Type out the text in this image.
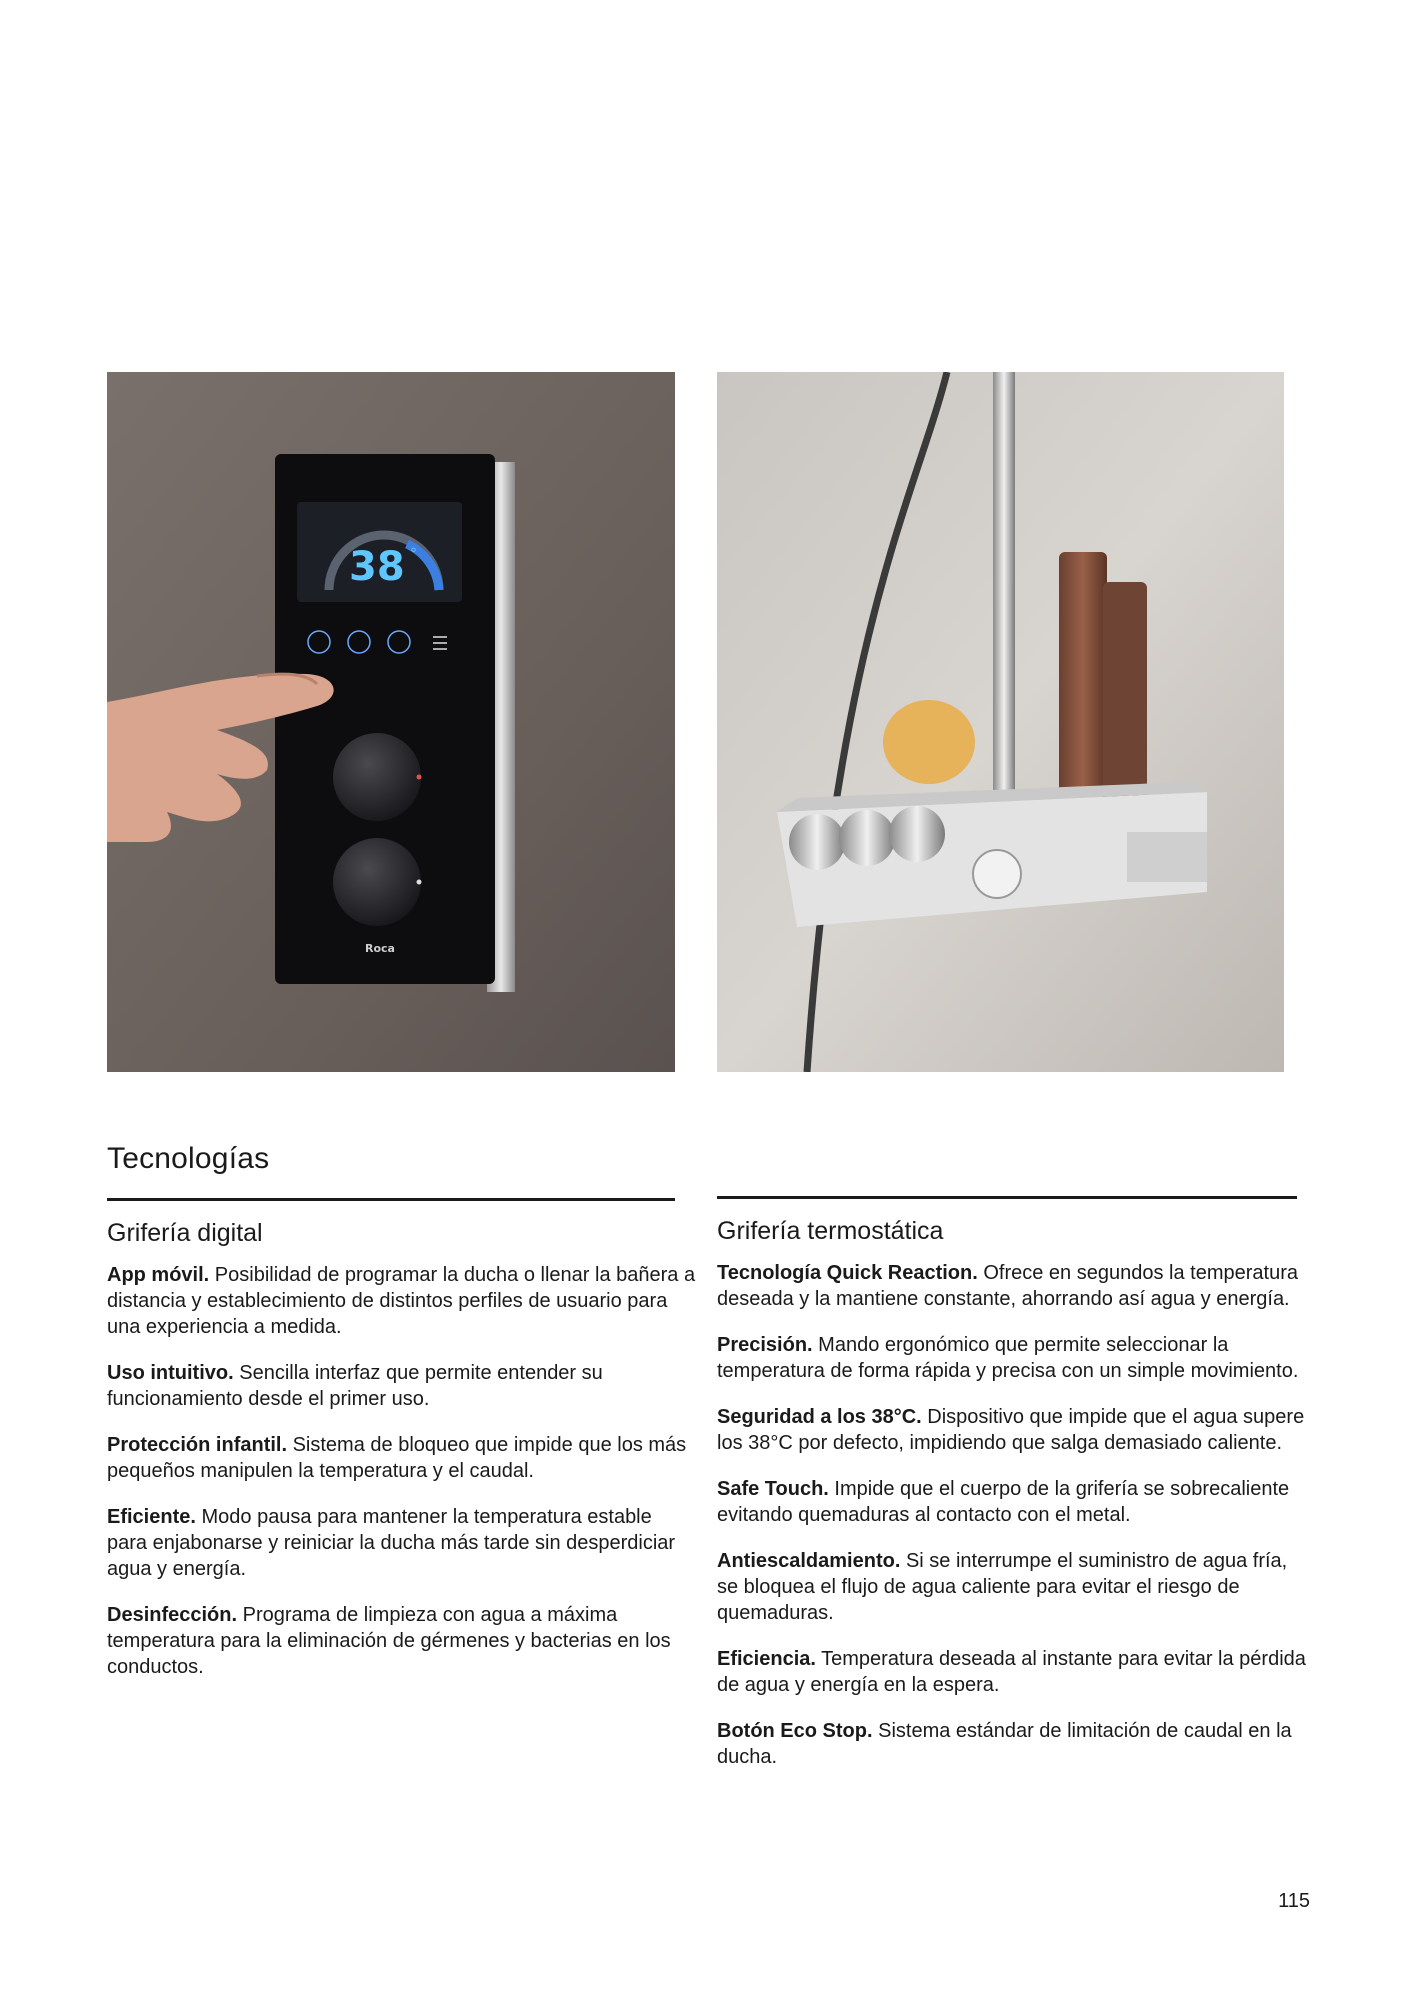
38 °
Roca
Tecnologías
Grifería digital

App móvil. Posibilidad de programar la ducha o llenar la bañera a distancia y establecimiento de distintos perfiles de usuario para una experiencia a medida.

Uso intuitivo. Sencilla interfaz que permite entender su funcionamiento desde el primer uso.

Protección infantil. Sistema de bloqueo que impide que los más pequeños manipulen la temperatura y el caudal.

Eficiente. Modo pausa para mantener la temperatura estable para enjabonarse y reiniciar la ducha más tarde sin desperdiciar agua y energía.

Desinfección. Programa de limpieza con agua a máxima temperatura para la eliminación de gérmenes y bacterias en los conductos.

Grifería termostática

Tecnología Quick Reaction. Ofrece en segundos la temperatura deseada y la mantiene constante, ahorrando así agua y energía.

Precisión. Mando ergonómico que permite seleccionar la temperatura de forma rápida y precisa con un simple movimiento.

Seguridad a los 38°C. Dispositivo que impide que el agua supere los 38°C por defecto, impidiendo que salga demasiado caliente.

Safe Touch. Impide que el cuerpo de la grifería se sobrecaliente evitando quemaduras al contacto con el metal.

Antiescaldamiento. Si se interrumpe el suministro de agua fría, se bloquea el flujo de agua caliente para evitar el riesgo de quemaduras.

Eficiencia. Temperatura deseada al instante para evitar la pérdida de agua y energía en la espera.

Botón Eco Stop. Sistema estándar de limitación de caudal en la ducha.

115
